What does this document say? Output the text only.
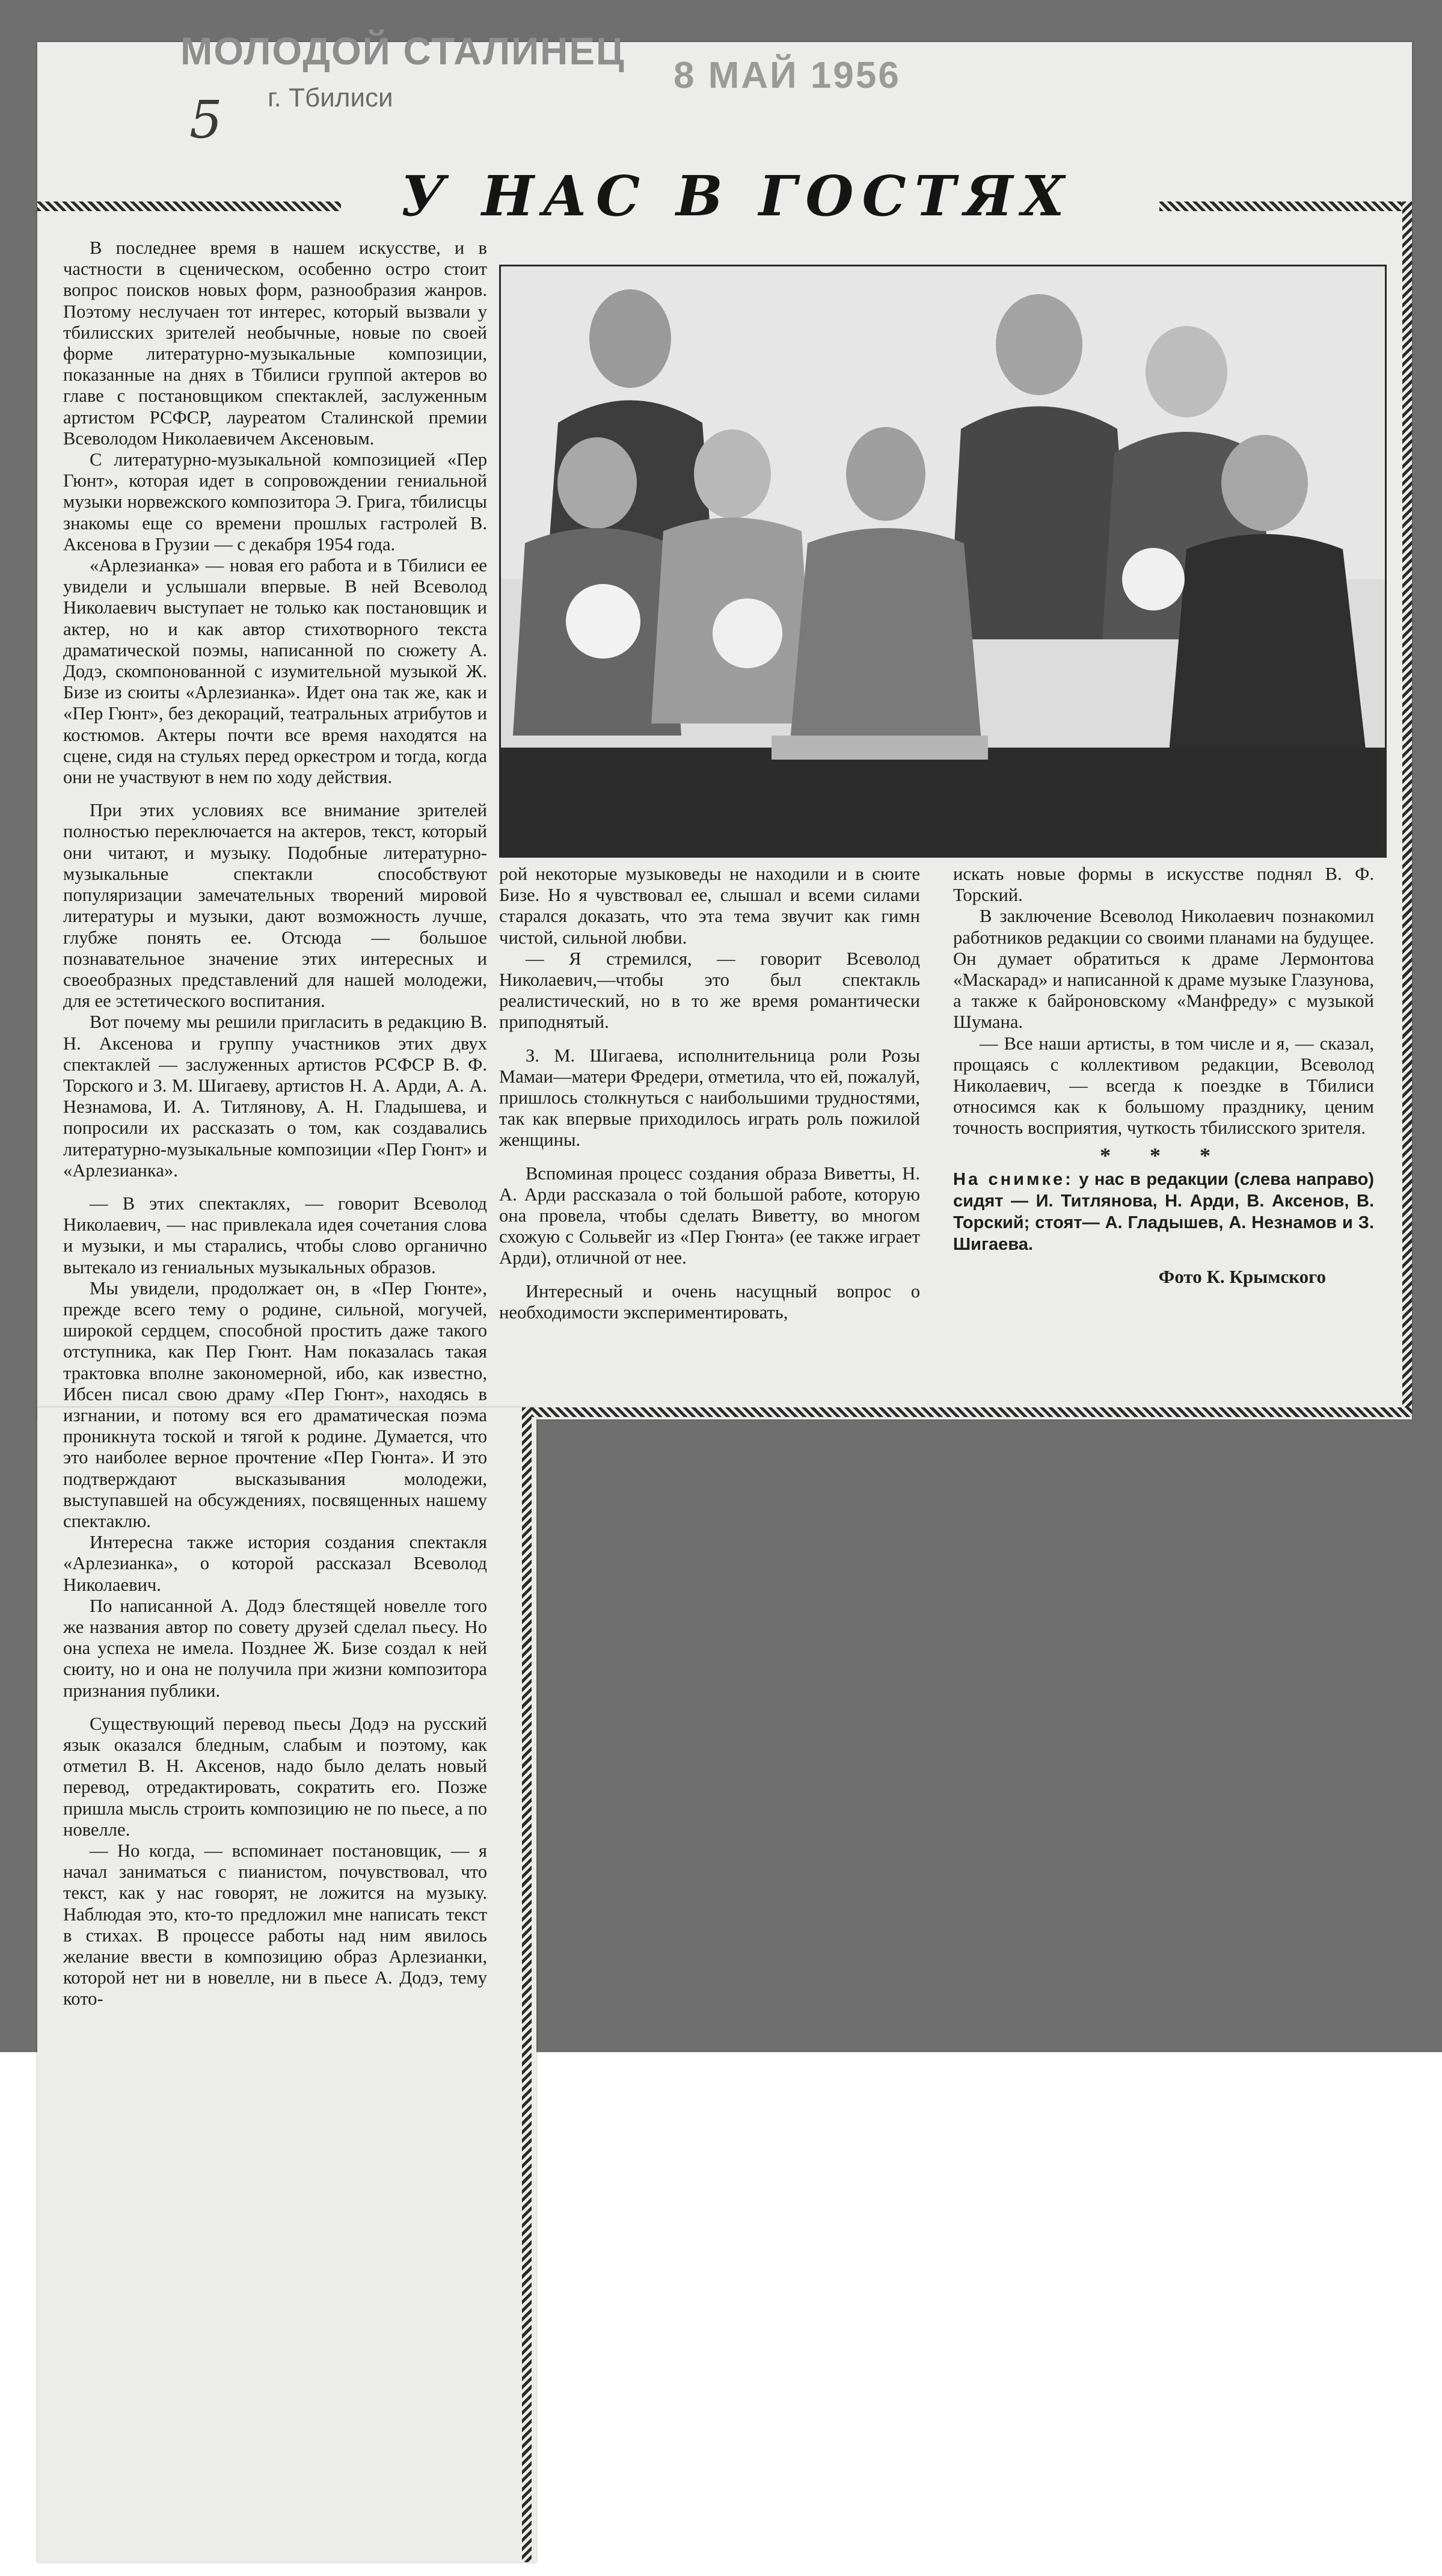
МОЛОДОЙ СТАЛИНЕЦ
г. Тбилиси
8 МАЙ 1956
5
У НАС В ГОСТЯХ

В последнее время в нашем искусстве, и в частности в сценическом, особенно остро стоит вопрос поисков новых форм, разнообразия жанров. Поэтому неслучаен тот интерес, который вызвали у тбилисских зрителей необычные, новые по своей форме литературно-музыкальные композиции, показанные на днях в Тбилиси группой актеров во главе с постановщиком спектаклей, заслуженным артистом РСФСР, лауреатом Сталинской премии Всеволодом Николаевичем Аксеновым.

С литературно-музыкальной композицией «Пер Гюнт», которая идет в сопровождении гениальной музыки норвежского композитора Э. Грига, тбилисцы знакомы еще со времени прошлых гастролей В. Аксенова в Грузии — с декабря 1954 года.

«Арлезианка» — новая его работа и в Тбилиси ее увидели и услышали впервые. В ней Всеволод Николаевич выступает не только как постановщик и актер, но и как автор стихотворного текста драматической поэмы, написанной по сюжету А. Додэ, скомпонованной с изумительной музыкой Ж. Бизе из сюиты «Арлезианка». Идет она так же, как и «Пер Гюнт», без декораций, театральных атрибутов и костюмов. Актеры почти все время находятся на сцене, сидя на стульях перед оркестром и тогда, когда они не участвуют в нем по ходу действия.

При этих условиях все внимание зрителей полностью переключается на актеров, текст, который они читают, и музыку. Подобные литературно-музыкальные спектакли способствуют популяризации замечательных творений мировой литературы и музыки, дают возможность лучше, глубже понять ее. Отсюда — большое познавательное значение этих интересных и своеобразных представлений для нашей молодежи, для ее эстетического воспитания.

Вот почему мы решили пригласить в редакцию В. Н. Аксенова и группу участников этих двух спектаклей — заслуженных артистов РСФСР В. Ф. Торского и З. М. Шигаеву, артистов Н. А. Арди, А. А. Незнамова, И. А. Титлянову, А. Н. Гладышева, и попросили их рассказать о том, как создавались литературно-музыкальные композиции «Пер Гюнт» и «Арлезианка».

— В этих спектаклях, — говорит Всеволод Николаевич, — нас привлекала идея сочетания слова и музыки, и мы старались, чтобы слово органично вытекало из гениальных музыкальных образов.

Мы увидели, продолжает он, в «Пер Гюнте», прежде всего тему о родине, сильной, могучей, широкой сердцем, способной простить даже такого отступника, как Пер Гюнт. Нам показалась такая трактовка вполне закономерной, ибо, как известно, Ибсен писал свою драму «Пер Гюнт», находясь в изгнании, и потому вся его драматическая поэма проникнута тоской и тягой к родине. Думается, что это наиболее верное прочтение «Пер Гюнта». И это подтверждают высказывания молодежи, выступавшей на обсуждениях, посвященных нашему спектаклю.

Интересна также история создания спектакля «Арлезианка», о которой рассказал Всеволод Николаевич.

По написанной А. Додэ блестящей новелле того же названия автор по совету друзей сделал пьесу. Но она успеха не имела. Позднее Ж. Бизе создал к ней сюиту, но и она не получила при жизни композитора признания публики.

Существующий перевод пьесы Додэ на русский язык оказался бледным, слабым и поэтому, как отметил В. Н. Аксенов, надо было делать новый перевод, отредактировать, сократить его. Позже пришла мысль строить композицию не по пьесе, а по новелле.

— Но когда, — вспоминает постановщик, — я начал заниматься с пианистом, почувствовал, что текст, как у нас говорят, не ложится на музыку. Наблюдая это, кто-то предложил мне написать текст в стихах. В процессе работы над ним явилось желание ввести в композицию образ Арлезианки, которой нет ни в новелле, ни в пьесе А. Додэ, тему кото-

рой некоторые музыковеды не находили и в сюите Бизе. Но я чувствовал ее, слышал и всеми силами старался доказать, что эта тема звучит как гимн чистой, сильной любви.

— Я стремился, — говорит Всеволод Николаевич,—чтобы это был спектакль реалистический, но в то же время романтически приподнятый.

З. М. Шигаева, исполнительница роли Розы Мамаи—матери Фредери, отметила, что ей, пожалуй, пришлось столкнуться с наибольшими трудностями, так как впервые приходилось играть роль пожилой женщины.

Вспоминая процесс создания образа Виветты, Н. А. Арди рассказала о той большой работе, которую она провела, чтобы сделать Виветту, во многом схожую с Сольвейг из «Пер Гюнта» (ее также играет Арди), отличной от нее.

Интересный и очень насущный вопрос о необходимости экспериментировать,

искать новые формы в искусстве поднял В. Ф. Торский.

В заключение Всеволод Николаевич познакомил работников редакции со своими планами на будущее. Он думает обратиться к драме Лермонтова «Маскарад» и написанной к драме музыке Глазунова, а также к байроновскому «Манфреду» с музыкой Шумана.

— Все наши артисты, в том числе и я, — сказал, прощаясь с коллективом редакции, Всеволод Николаевич, — всегда к поездке в Тбилиси относимся как к большому празднику, ценим точность восприятия, чуткость тбилисского зрителя.

* * *
На снимке: у нас в редакции (слева направо) сидят — И. Титлянова, Н. Арди, В. Аксенов, В. Торский; стоят— А. Гладышев, А. Незнамов и З. Шигаева.
Фото К. Крымского
